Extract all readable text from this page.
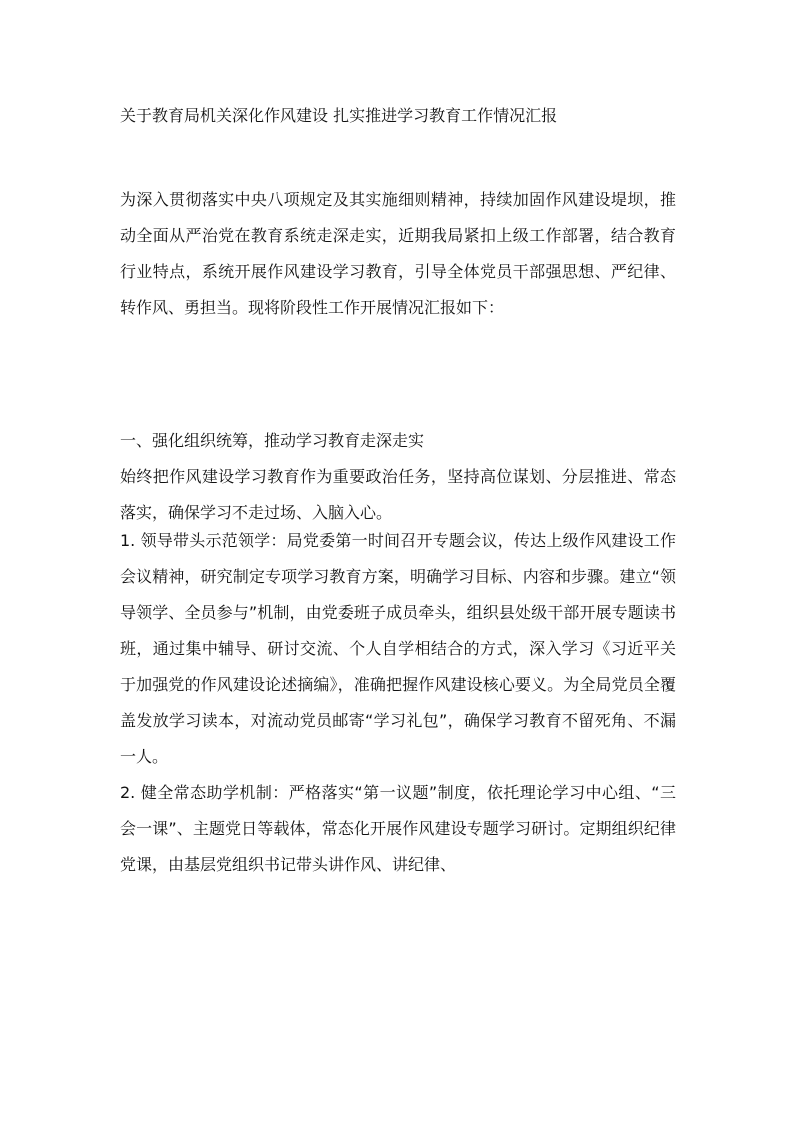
关于教育局机关深化作风建设 扎实推进学习教育工作情况汇报
为深入贯彻落实中央八项规定及其实施细则精神，持续加固作风建设堤坝，推动全面从严治党在教育系统走深走实，近期我局紧扣上级工作部署，结合教育行业特点，系统开展作风建设学习教育，引导全体党员干部强思想、严纪律、转作风、勇担当。现将阶段性工作开展情况汇报如下：

一、强化组织统筹，推动学习教育走深走实

始终把作风建设学习教育作为重要政治任务，坚持高位谋划、分层推进、常态落实，确保学习不走过场、入脑入心。

1. 领导带头示范领学：局党委第一时间召开专题会议，传达上级作风建设工作会议精神，研究制定专项学习教育方案，明确学习目标、内容和步骤。建立“领导领学、全员参与”机制，由党委班子成员牵头，组织县处级干部开展专题读书班，通过集中辅导、研讨交流、个人自学相结合的方式，深入学习《习近平关于加强党的作风建设论述摘编》，准确把握作风建设核心要义。为全局党员全覆盖发放学习读本，对流动党员邮寄“学习礼包”，确保学习教育不留死角、不漏一人。

2. 健全常态助学机制：严格落实“第一议题”制度，依托理论学习中心组、“三会一课”、主题党日等载体，常态化开展作风建设专题学习研讨。定期组织纪律党课，由基层党组织书记带头讲作风、讲纪律、
